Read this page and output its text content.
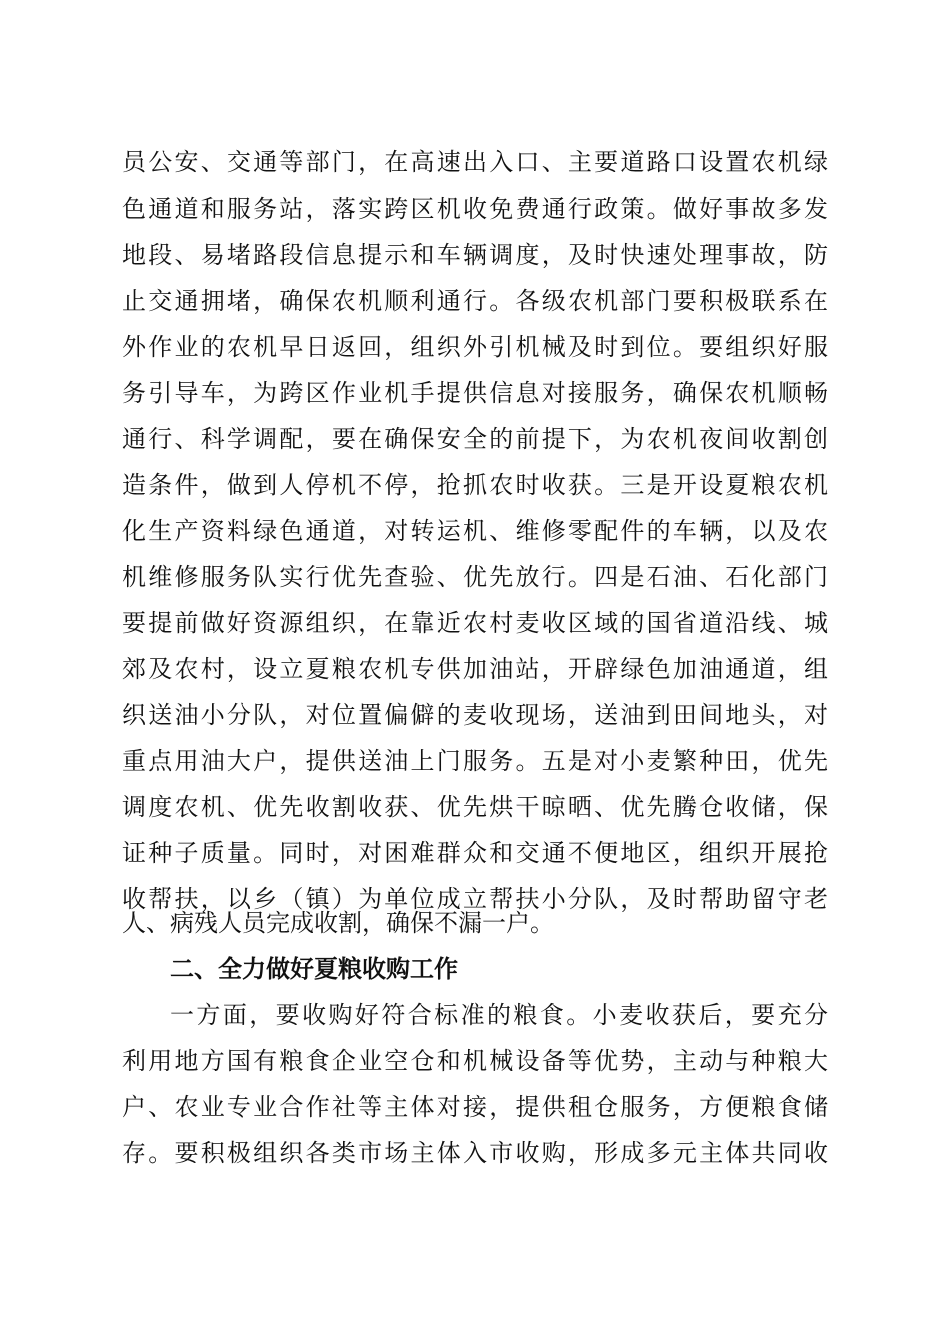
员公安、交通等部门，在高速出入口、主要道路口设置农机绿
色通道和服务站，落实跨区机收免费通行政策。做好事故多发
地段、易堵路段信息提示和车辆调度，及时快速处理事故，防
止交通拥堵，确保农机顺利通行。各级农机部门要积极联系在
外作业的农机早日返回，组织外引机械及时到位。要组织好服
务引导车，为跨区作业机手提供信息对接服务，确保农机顺畅
通行、科学调配，要在确保安全的前提下，为农机夜间收割创
造条件，做到人停机不停，抢抓农时收获。三是开设夏粮农机
化生产资料绿色通道，对转运机、维修零配件的车辆，以及农
机维修服务队实行优先查验、优先放行。四是石油、石化部门
要提前做好资源组织，在靠近农村麦收区域的国省道沿线、城
郊及农村，设立夏粮农机专供加油站，开辟绿色加油通道，组
织送油小分队，对位置偏僻的麦收现场，送油到田间地头，对
重点用油大户，提供送油上门服务。五是对小麦繁种田，优先
调度农机、优先收割收获、优先烘干晾晒、优先腾仓收储，保
证种子质量。同时，对困难群众和交通不便地区，组织开展抢
收帮扶，以乡（镇）为单位成立帮扶小分队，及时帮助留守老
人、病残人员完成收割，确保不漏一户。
二、全力做好夏粮收购工作
一方面，要收购好符合标准的粮食。小麦收获后，要充分
利用地方国有粮食企业空仓和机械设备等优势，主动与种粮大
户、农业专业合作社等主体对接，提供租仓服务，方便粮食储
存。要积极组织各类市场主体入市收购，形成多元主体共同收
